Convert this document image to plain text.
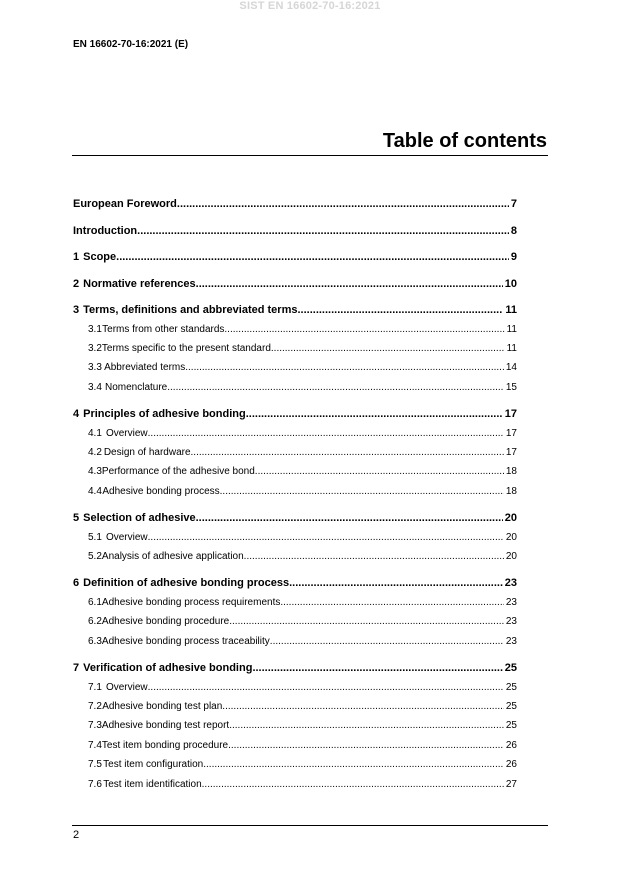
SIST EN 16602-70-16:2021
EN 16602-70-16:2021 (E)
Table of contents
European Foreword .....	7
Introduction .....	8
1 Scope .....	9
2 Normative references .....	10
3 Terms, definitions and abbreviated terms .....	11
3.1 Terms from other standards .....	11
3.2 Terms specific to the present standard .....	11
3.3 Abbreviated terms .....	14
3.4 Nomenclature .....	15
4 Principles of adhesive bonding .....	17
4.1 Overview .....	17
4.2 Design of hardware .....	17
4.3 Performance of the adhesive bond .....	18
4.4 Adhesive bonding process .....	18
5 Selection of adhesive .....	20
5.1 Overview .....	20
5.2 Analysis of adhesive application .....	20
6 Definition of adhesive bonding process .....	23
6.1 Adhesive bonding process requirements .....	23
6.2 Adhesive bonding procedure .....	23
6.3 Adhesive bonding process traceability .....	23
7 Verification of adhesive bonding .....	25
7.1 Overview .....	25
7.2 Adhesive bonding test plan .....	25
7.3 Adhesive bonding test report .....	25
7.4 Test item bonding procedure .....	26
7.5 Test item configuration .....	26
7.6 Test item identification .....	27
2
